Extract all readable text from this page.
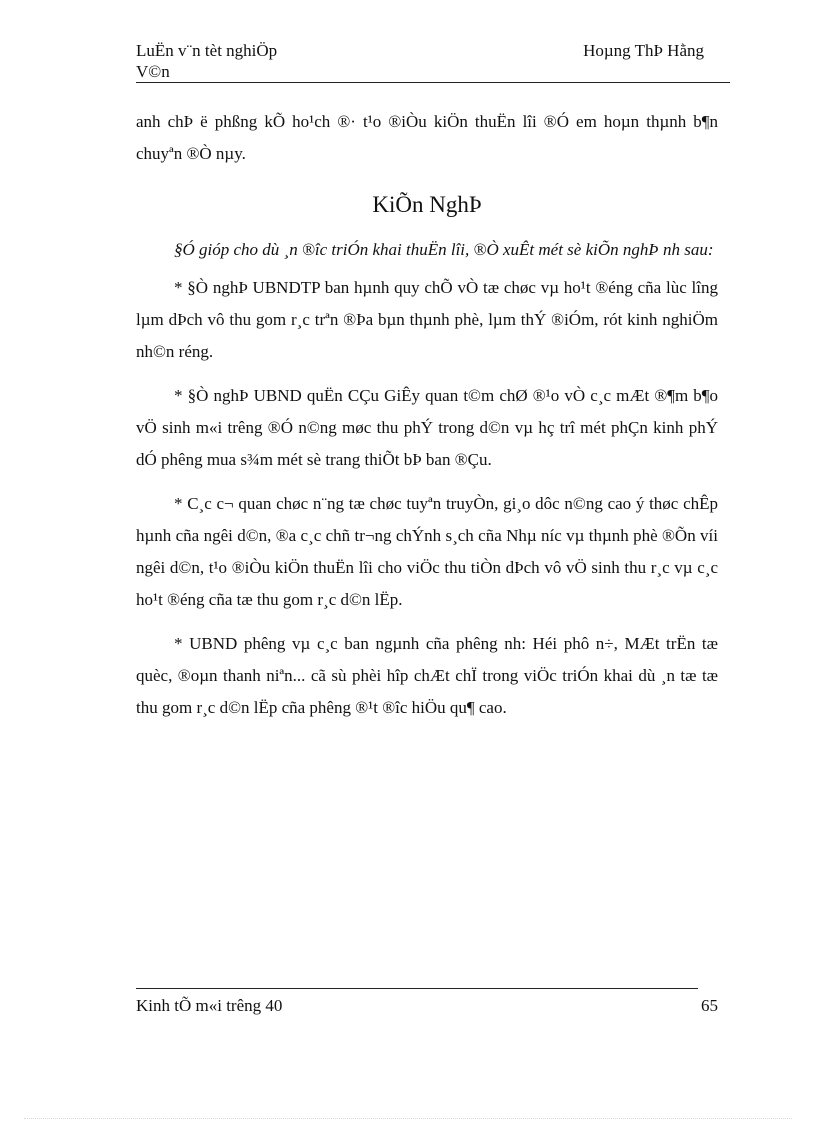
LuËn v¨n tèt nghiÖp
V©n
Hoµng ThÞ Hằng

anh chÞ ë phßng kÕ ho¹ch ®· t¹o ®iÒu kiÖn thuËn lîi ®Ó em hoµn thµnh b¶n chuyªn ®Ò nµy.

KiÕn NghÞ

§Ó gióp cho dù ¸n ®îc triÓn khai thuËn lîi, ®Ò xuÊt mét sè kiÕn nghÞ nh sau:

* §Ò nghÞ UBNDTP ban hµnh quy chÕ vÒ tæ chøc vµ ho¹t ®éng cña lùc lîng lµm dÞch vô thu gom r¸c trªn ®Þa bµn thµnh phè, lµm thÝ ®iÓm, rót kinh nghiÖm nh©n réng.

* §Ò nghÞ UBND quËn CÇu GiÊy quan t©m chØ ®¹o vÒ c¸c mÆt ®¶m b¶o vÖ sinh m«i trêng ®Ó n©ng møc thu phÝ trong d©n vµ hç trî mét phÇn kinh phÝ dÓ phêng mua s¾m mét sè trang thiÕt bÞ ban ®Çu.

* C¸c c¬ quan chøc n¨ng tæ chøc tuyªn truyÒn, gi¸o dôc n©ng cao ý thøc chÊp hµnh cña ngêi d©n, ®a c¸c chñ tr¬ng chÝnh s¸ch cña Nhµ níc vµ thµnh phè ®Õn víi ngêi d©n, t¹o ®iÒu kiÖn thuËn lîi cho viÖc thu tiÒn dÞch vô vÖ sinh thu r¸c vµ c¸c ho¹t ®éng cña tæ thu gom r¸c d©n lËp.

* UBND phêng vµ c¸c ban ngµnh cña phêng nh: Héi phô n÷, MÆt trËn tæ quèc, ®oµn thanh niªn... cã sù phèi hîp chÆt chÏ trong viÖc triÓn khai dù ¸n tæ tæ thu gom r¸c d©n lËp cña phêng ®¹t ®îc hiÖu qu¶ cao.

Kinh tÕ m«i trêng 40	65
